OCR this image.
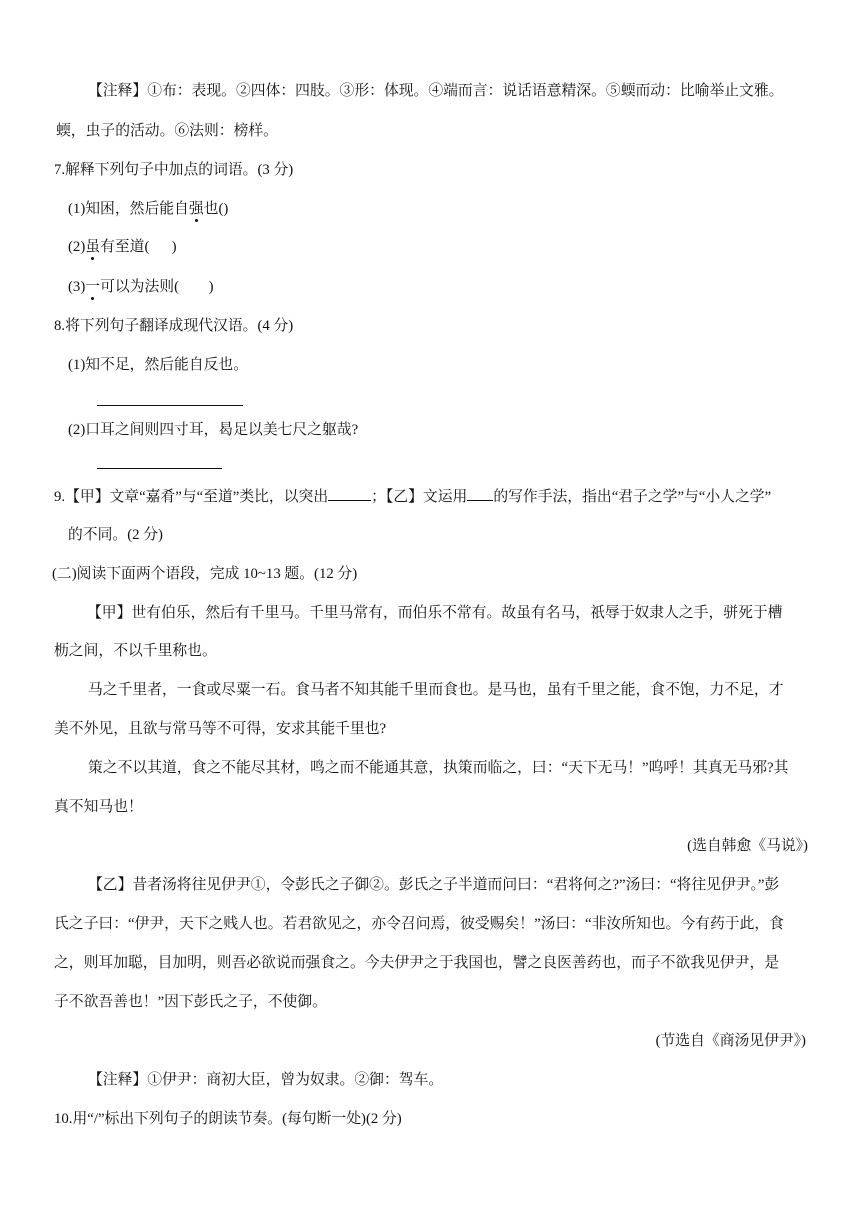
【注释】①布：表现。②四体：四肢。③形：体现。④端而言：说话语意精深。⑤蝡而动：比喻举止文雅。
蝡，虫子的活动。⑥法则：榜样。
7.解释下列句子中加点的词语。(3 分)
(1)知困，然后能自强也()
(2)虽有至道(      )
(3)一可以为法则(        )
8.将下列句子翻译成现代汉语。(4 分)
(1)知不足，然后能自反也。
(2)口耳之间则四寸耳，曷足以美七尺之躯哉?
9.【甲】文章“嘉肴”与“至道”类比，以突出	；【乙】文运用 的写作手法，指出“君子之学”与“小人之学”
的不同。(2 分)
(二)阅读下面两个语段，完成 10~13 题。(12 分)
【甲】世有伯乐，然后有千里马。千里马常有，而伯乐不常有。故虽有名马，祇辱于奴隶人之手，骈死于槽
枥之间，不以千里称也。
马之千里者，一食或尽粟一石。食马者不知其能千里而食也。是马也，虽有千里之能，食不饱，力不足，才
美不外见，且欲与常马等不可得，安求其能千里也?
策之不以其道，食之不能尽其材，鸣之而不能通其意，执策而临之，曰：“天下无马！”呜呼！其真无马邪?其
真不知马也！
(选自韩愈《马说》)
【乙】昔者汤将往见伊尹①，令彭氏之子御②。彭氏之子半道而问曰：“君将何之?”汤曰：“将往见伊尹。”彭
氏之子曰：“伊尹，天下之贱人也。若君欲见之，亦令召问焉，彼受赐矣！”汤曰：“非汝所知也。今有药于此，食
之，则耳加聪，目加明，则吾必欲说而强食之。今夫伊尹之于我国也，譬之良医善药也，而子不欲我见伊尹，是
子不欲吾善也！”因下彭氏之子，不使御。
(节选自《商汤见伊尹》)
【注释】①伊尹：商初大臣，曾为奴隶。②御：驾车。
10.用“/”标出下列句子的朗读节奏。(每句断一处)(2 分)
